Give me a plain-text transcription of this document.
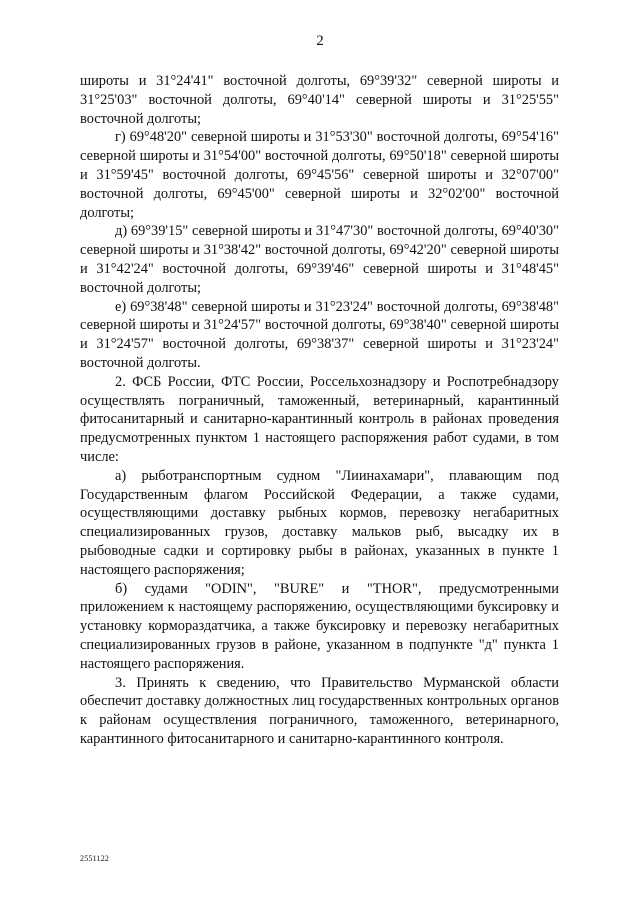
2

широты и 31°24'41" восточной долготы, 69°39'32" северной широты и 31°25'03" восточной долготы, 69°40'14" северной широты и 31°25'55" восточной долготы;

г) 69°48'20" северной широты и 31°53'30" восточной долготы, 69°54'16" северной широты и 31°54'00" восточной долготы, 69°50'18" северной широты и 31°59'45" восточной долготы, 69°45'56" северной широты и 32°07'00" восточной долготы, 69°45'00" северной широты и 32°02'00" восточной долготы;

д) 69°39'15" северной широты и 31°47'30" восточной долготы, 69°40'30" северной широты и 31°38'42" восточной долготы, 69°42'20" северной широты и 31°42'24" восточной долготы, 69°39'46" северной широты и 31°48'45" восточной долготы;

е) 69°38'48" северной широты и 31°23'24" восточной долготы, 69°38'48" северной широты и 31°24'57" восточной долготы, 69°38'40" северной широты и 31°24'57" восточной долготы, 69°38'37" северной широты и 31°23'24" восточной долготы.

2. ФСБ России, ФТС России, Россельхознадзору и Роспотребнадзору осуществлять пограничный, таможенный, ветеринарный, карантинный фитосанитарный и санитарно-карантинный контроль в районах проведения предусмотренных пунктом 1 настоящего распоряжения работ судами, в том числе:

а) рыботранспортным судном "Лиинахамари", плавающим под Государственным флагом Российской Федерации, а также судами, осуществляющими доставку рыбных кормов, перевозку негабаритных специализированных грузов, доставку мальков рыб, высадку их в рыбоводные садки и сортировку рыбы в районах, указанных в пункте 1 настоящего распоряжения;

б) судами "ODIN", "BURE" и "THOR", предусмотренными приложением к настоящему распоряжению, осуществляющими буксировку и установку кормораздатчика, а также буксировку и перевозку негабаритных специализированных грузов в районе, указанном в подпункте "д" пункта 1 настоящего распоряжения.

3. Принять к сведению, что Правительство Мурманской области обеспечит доставку должностных лиц государственных контрольных органов к районам осуществления пограничного, таможенного, ветеринарного, карантинного фитосанитарного и санитарно-карантинного контроля.

2551122
